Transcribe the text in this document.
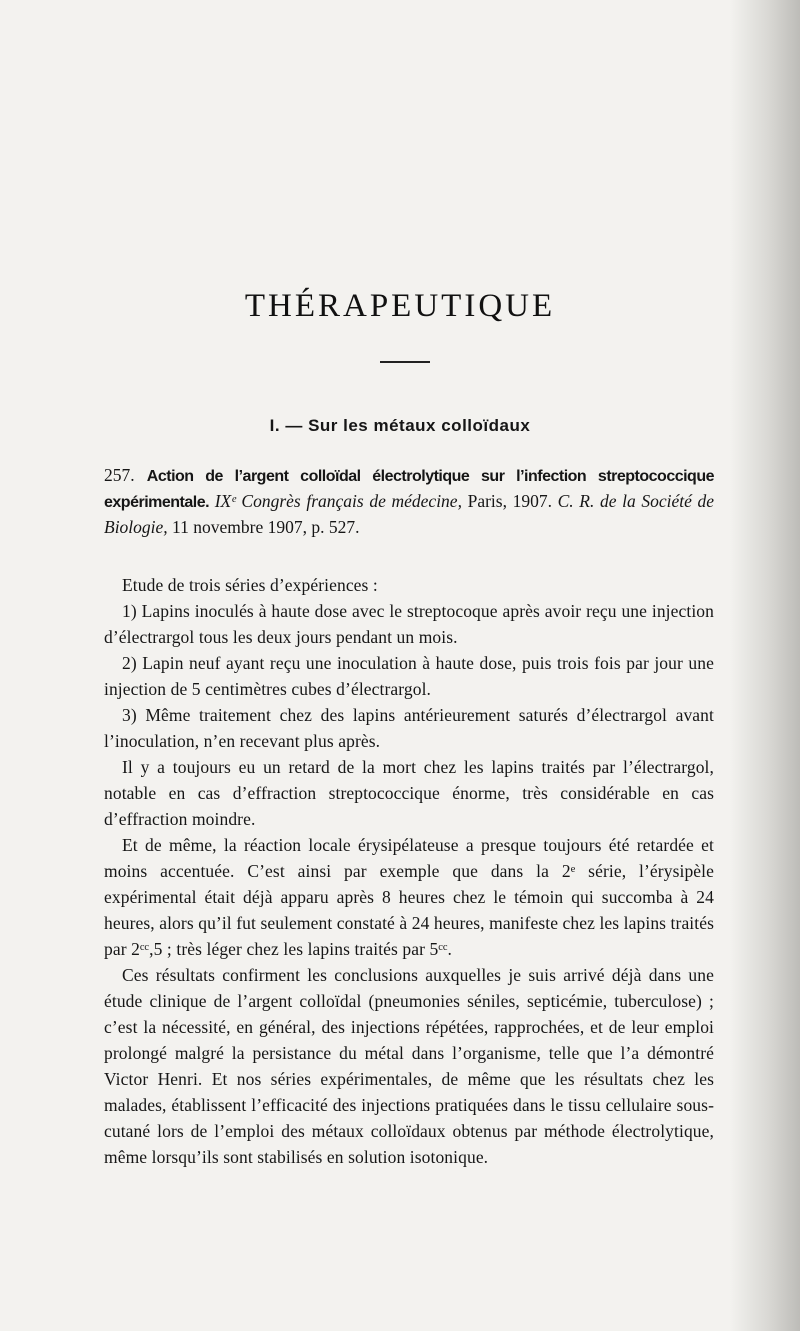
THÉRAPEUTIQUE
I. — Sur les métaux colloïdaux
257. Action de l’argent colloïdal électrolytique sur l’infection streptococcique expérimentale. IXᵉ Congrès français de médecine, Paris, 1907. C. R. de la Société de Biologie, 11 novembre 1907, p. 527.

Etude de trois séries d’expériences :

1) Lapins inoculés à haute dose avec le streptocoque après avoir reçu une injection d’électrargol tous les deux jours pendant un mois.

2) Lapin neuf ayant reçu une inoculation à haute dose, puis trois fois par jour une injection de 5 centimètres cubes d’électrargol.

3) Même traitement chez des lapins antérieurement saturés d’électrargol avant l’inoculation, n’en recevant plus après.

Il y a toujours eu un retard de la mort chez les lapins traités par l’électrargol, notable en cas d’effraction streptococcique énorme, très considérable en cas d’effraction moindre.

Et de même, la réaction locale érysipélateuse a presque toujours été retardée et moins accentuée. C’est ainsi par exemple que dans la 2ᵉ série, l’érysipèle expérimental était déjà apparu après 8 heures chez le témoin qui succomba à 24 heures, alors qu’il fut seulement constaté à 24 heures, manifeste chez les lapins traités par 2ᶜᶜ,5 ; très léger chez les lapins traités par 5ᶜᶜ.

Ces résultats confirment les conclusions auxquelles je suis arrivé déjà dans une étude clinique de l’argent colloïdal (pneumonies séniles, septicémie, tuberculose) ; c’est la nécessité, en général, des injections répétées, rapprochées, et de leur emploi prolongé malgré la persistance du métal dans l’organisme, telle que l’a démontré Victor Henri. Et nos séries expérimentales, de même que les résultats chez les malades, établissent l’efficacité des injections pratiquées dans le tissu cellulaire sous-cutané lors de l’emploi des métaux colloïdaux obtenus par méthode électrolytique, même lorsqu’ils sont stabilisés en solution isotonique.
